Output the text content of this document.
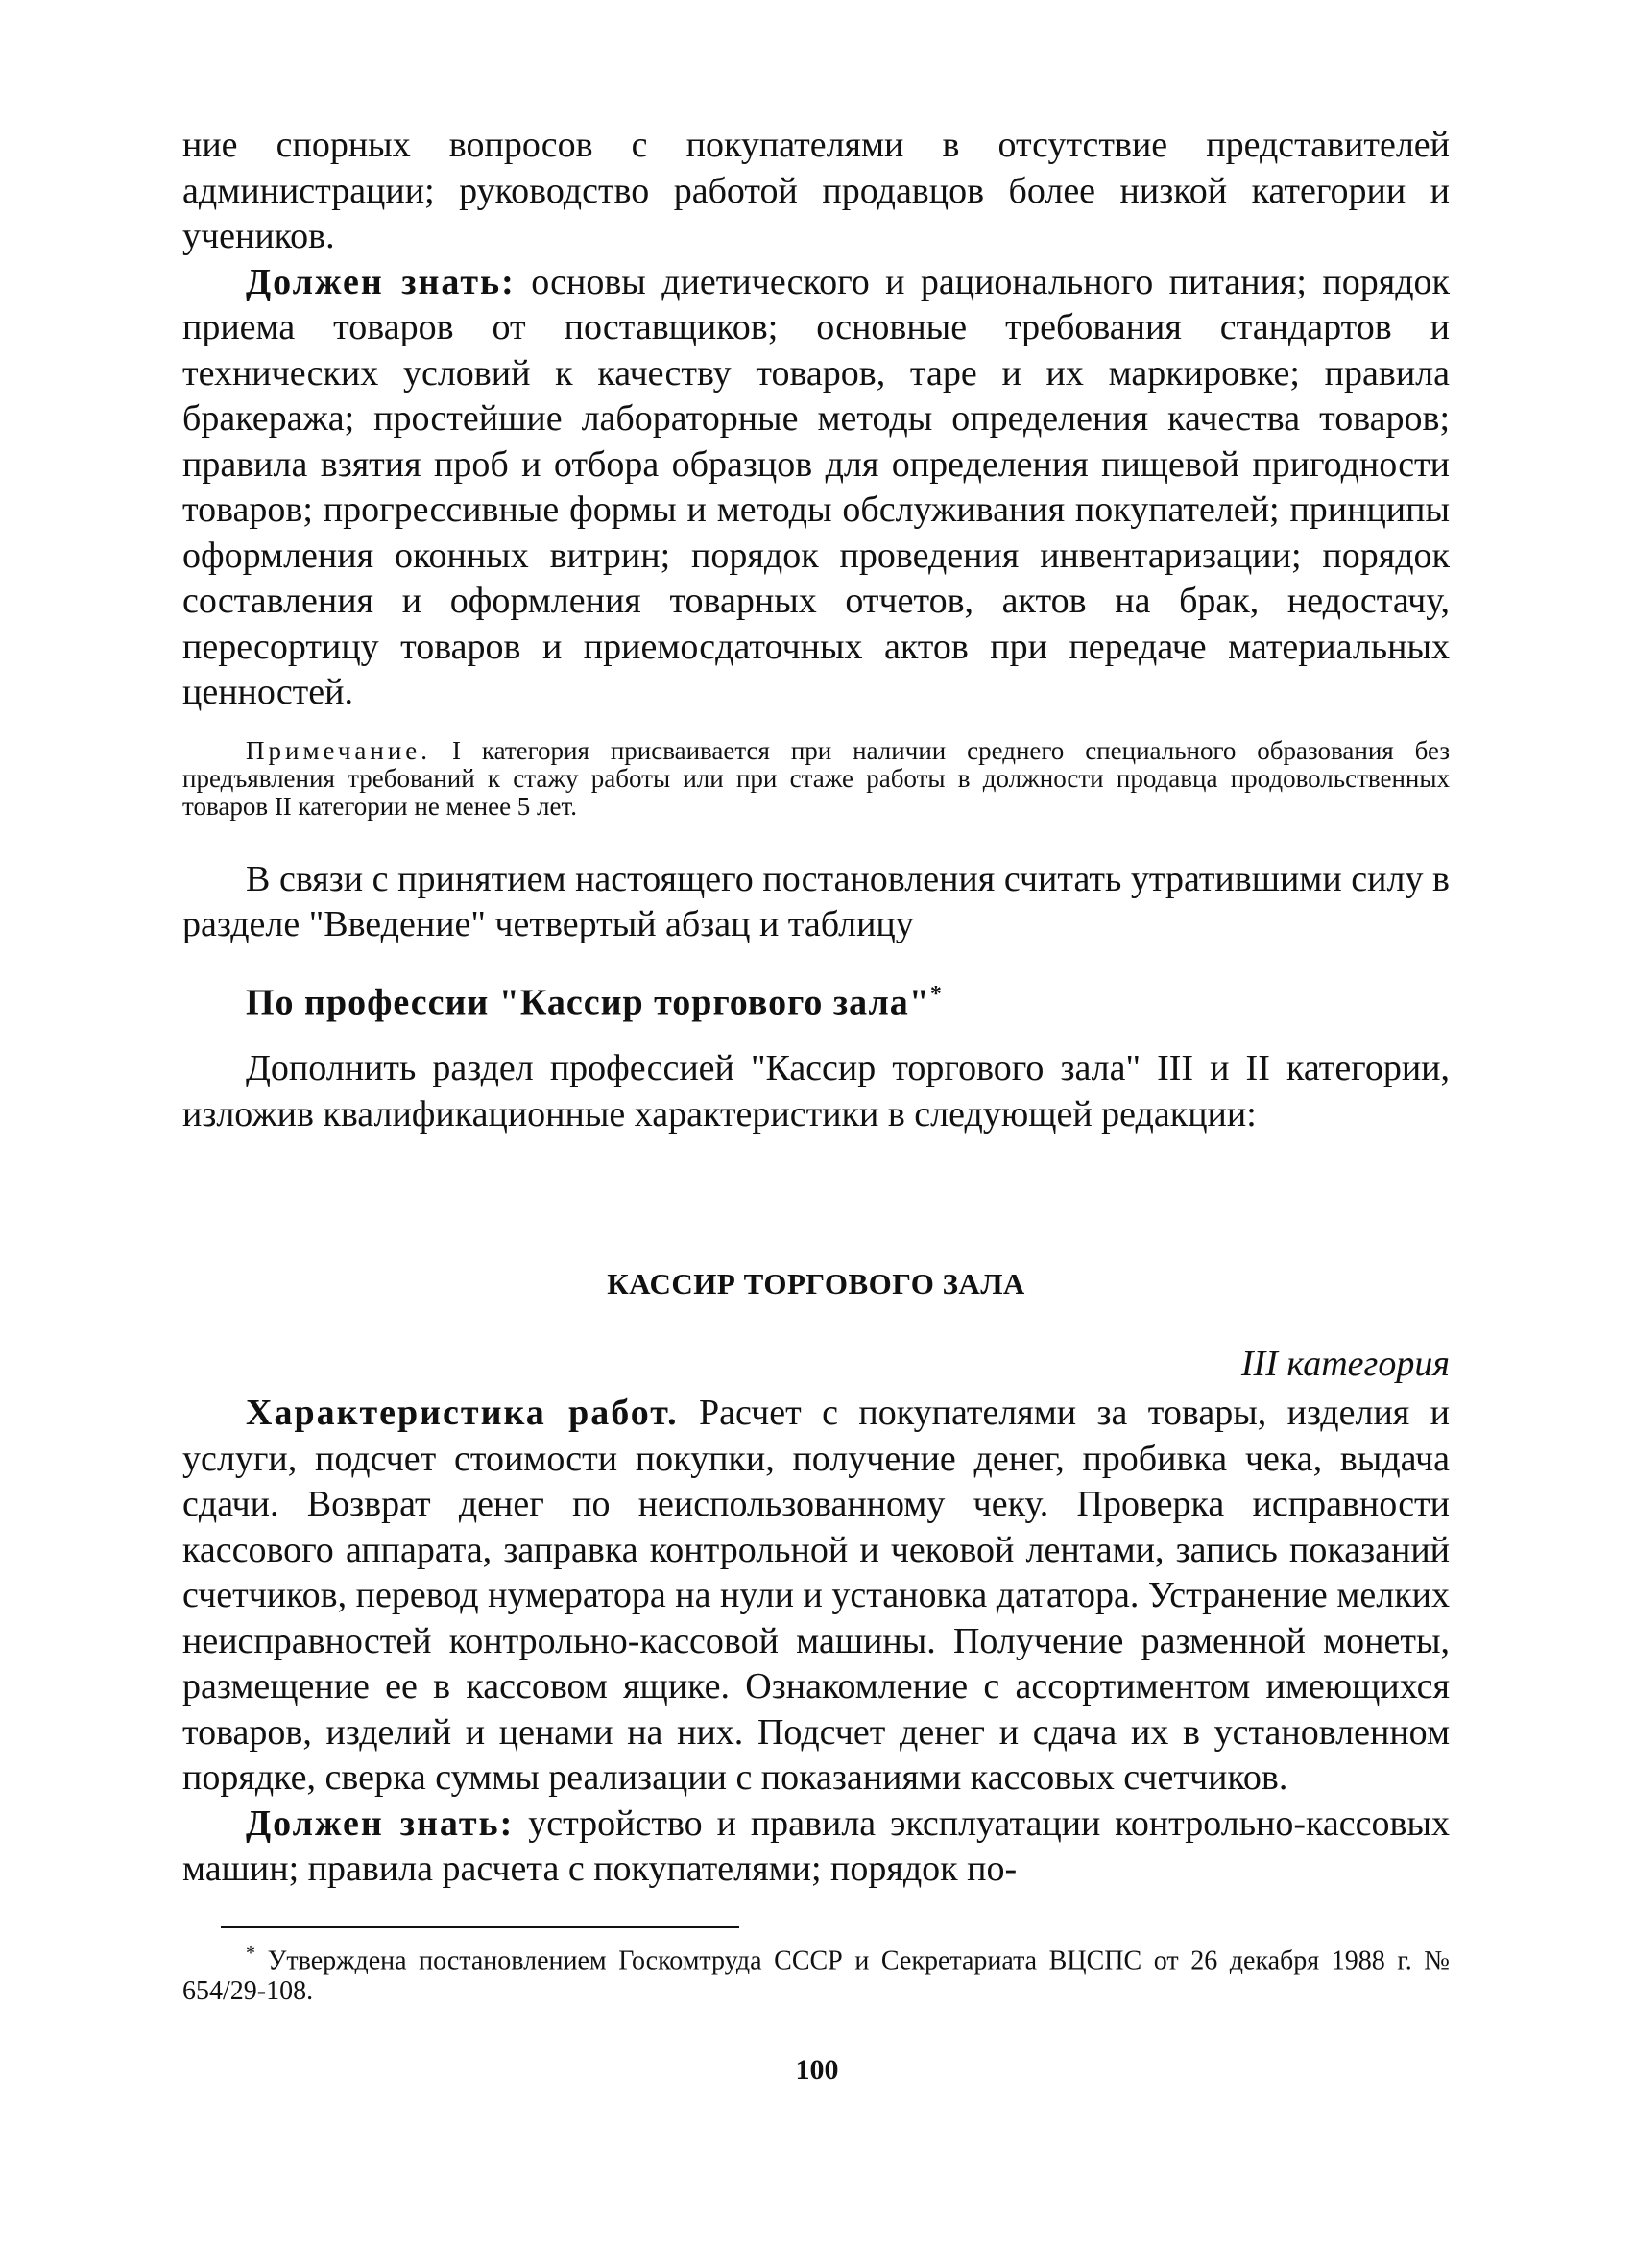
ние спорных вопросов с покупателями в отсутствие представителей администрации; руководство работой продавцов более низкой категории и учеников.

Должен знать: основы диетического и рационального питания; порядок приема товаров от поставщиков; основные требования стандартов и технических условий к качеству товаров, таре и их маркировке; правила бракеража; простейшие лабораторные методы определения качества товаров; правила взятия проб и отбора образцов для определения пищевой пригодности товаров; прогрессивные формы и методы обслуживания покупателей; принципы оформления оконных витрин; порядок проведения инвентаризации; порядок составления и оформления товарных отчетов, актов на брак, недостачу, пересортицу товаров и приемосдаточных актов при передаче материальных ценностей.

Примечание. I категория присваивается при наличии среднего специального образования без предъявления требований к стажу работы или при стаже работы в должности продавца продовольственных товаров II категории не менее 5 лет.

В связи с принятием настоящего постановления считать утратившими силу в разделе "Введение" четвертый абзац и таблицу

По профессии "Кассир торгового зала"*

Дополнить раздел профессией "Кассир торгового зала" III и II категории, изложив квалификационные характеристики в следующей редакции:

КАССИР ТОРГОВОГО ЗАЛА

III категория

Характеристика работ. Расчет с покупателями за товары, изделия и услуги, подсчет стоимости покупки, получение денег, пробивка чека, выдача сдачи. Возврат денег по неиспользованному чеку. Проверка исправности кассового аппарата, заправка контрольной и чековой лентами, запись показаний счетчиков, перевод нумератора на нули и установка дататора. Устранение мелких неисправностей контрольно-кассовой машины. Получение разменной монеты, размещение ее в кассовом ящике. Ознакомление с ассортиментом имеющихся товаров, изделий и ценами на них. Подсчет денег и сдача их в установленном порядке, сверка суммы реализации с показаниями кассовых счетчиков.

Должен знать: устройство и правила эксплуатации контрольно-кассовых машин; правила расчета с покупателями; порядок по-

* Утверждена постановлением Госкомтруда СССР и Секретариата ВЦСПС от 26 декабря 1988 г. № 654/29-108.

100
